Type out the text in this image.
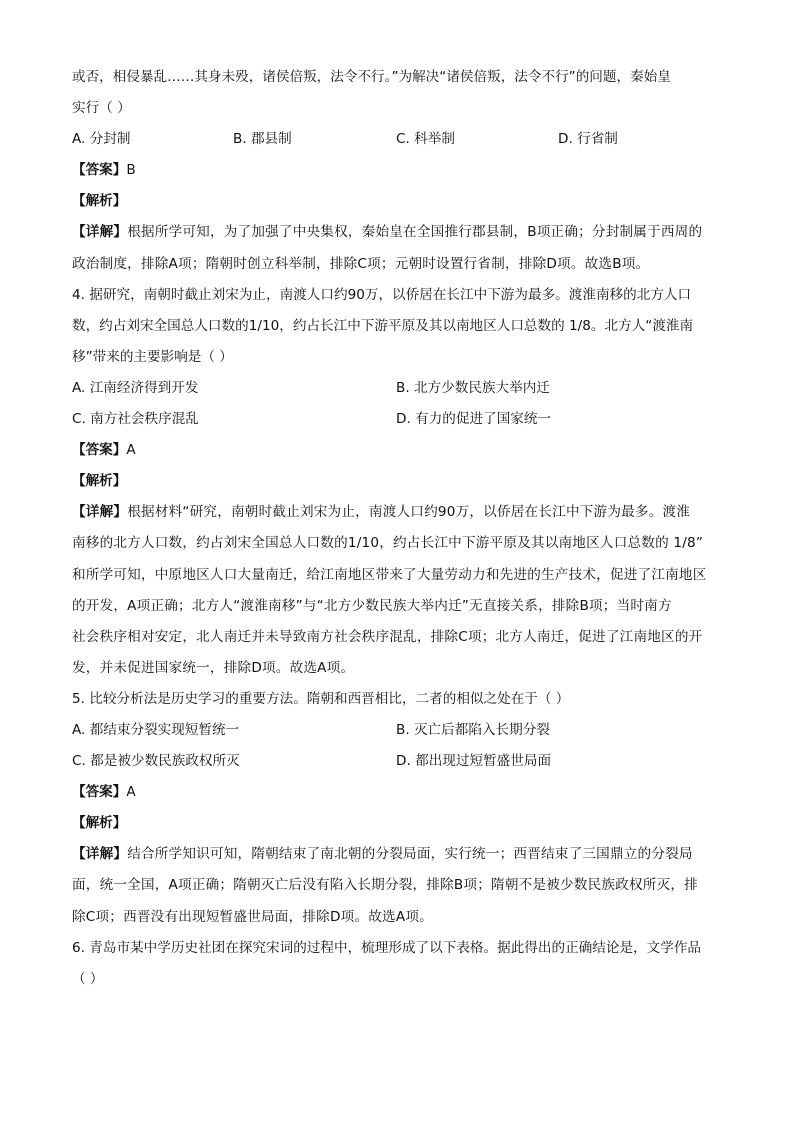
或否，相侵暴乱……其身未殁，诸侯倍叛，法令不行。”为解决“诸侯倍叛，法令不行”的问题，秦始皇
实行（ ）
A. 分封制	B. 郡县制	C. 科举制	D. 行省制
【答案】B
【解析】
【详解】根据所学可知，为了加强了中央集权，秦始皇在全国推行郡县制，B项正确；分封制属于西周的
政治制度，排除A项；隋朝时创立科举制，排除C项；元朝时设置行省制，排除D项。故选B项。
4. 据研究，南朝时截止刘宋为止，南渡人口约90万，以侨居在长江中下游为最多。渡淮南移的北方人口
数，约占刘宋全国总人口数的1/10，约占长江中下游平原及其以南地区人口总数的 1/8。北方人“渡淮南
移”带来的主要影响是（ ）
A. 江南经济得到开发	B. 北方少数民族大举内迁
C. 南方社会秩序混乱	D. 有力的促进了国家统一
【答案】A
【解析】
【详解】根据材料“研究，南朝时截止刘宋为止，南渡人口约90万，以侨居在长江中下游为最多。渡淮
南移的北方人口数，约占刘宋全国总人口数的1/10，约占长江中下游平原及其以南地区人口总数的 1/8”
和所学可知，中原地区人口大量南迁，给江南地区带来了大量劳动力和先进的生产技术，促进了江南地区
的开发，A项正确；北方人“渡淮南移”与“北方少数民族大举内迁”无直接关系，排除B项；当时南方
社会秩序相对安定，北人南迁并未导致南方社会秩序混乱，排除C项；北方人南迁，促进了江南地区的开
发，并未促进国家统一，排除D项。故选A项。
5. 比较分析法是历史学习的重要方法。隋朝和西晋相比，二者的相似之处在于（ ）
A. 都结束分裂实现短暂统一	B. 灭亡后都陷入长期分裂
C. 都是被少数民族政权所灭	D. 都出现过短暂盛世局面
【答案】A
【解析】
【详解】结合所学知识可知，隋朝结束了南北朝的分裂局面，实行统一；西晋结束了三国鼎立的分裂局
面，统一全国，A项正确；隋朝灭亡后没有陷入长期分裂，排除B项；隋朝不是被少数民族政权所灭，排
除C项；西晋没有出现短暂盛世局面，排除D项。故选A项。
6. 青岛市某中学历史社团在探究宋词的过程中，梳理形成了以下表格。据此得出的正确结论是，文学作品
（ ）
